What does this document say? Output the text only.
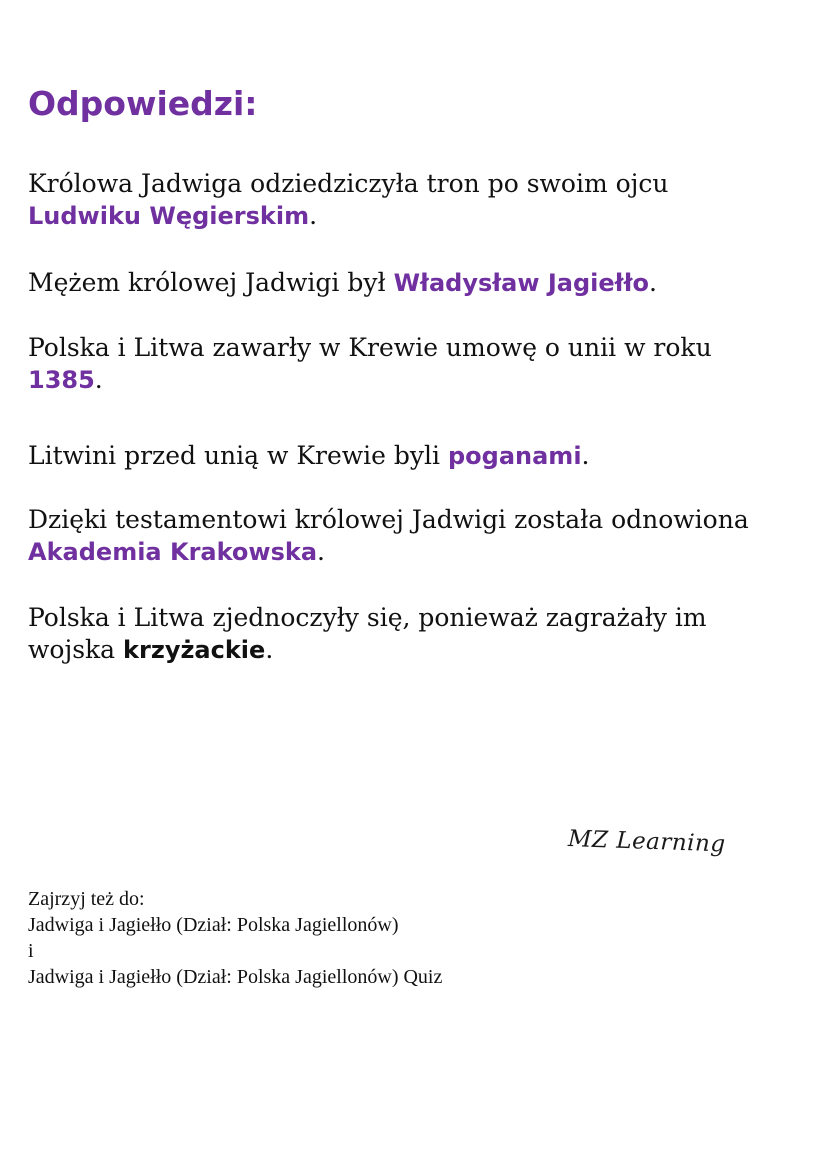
Odpowiedzi:

Królowa Jadwiga odziedziczyła tron po swoim ojcu
Ludwiku Węgierskim.

Mężem królowej Jadwigi był Władysław Jagiełło.

Polska i Litwa zawarły w Krewie umowę o unii w roku
1385.

Litwini przed unią w Krewie byli poganami.

Dzięki testamentowi królowej Jadwigi została odnowiona
Akademia Krakowska.

Polska i Litwa zjednoczyły się, ponieważ zagrażały im wojska krzyżackie.

MZ Learning
Zajrzyj też do:
Jadwiga i Jagiełło (Dział: Polska Jagiellonów)
i
Jadwiga i Jagiełło (Dział: Polska Jagiellonów) Quiz
